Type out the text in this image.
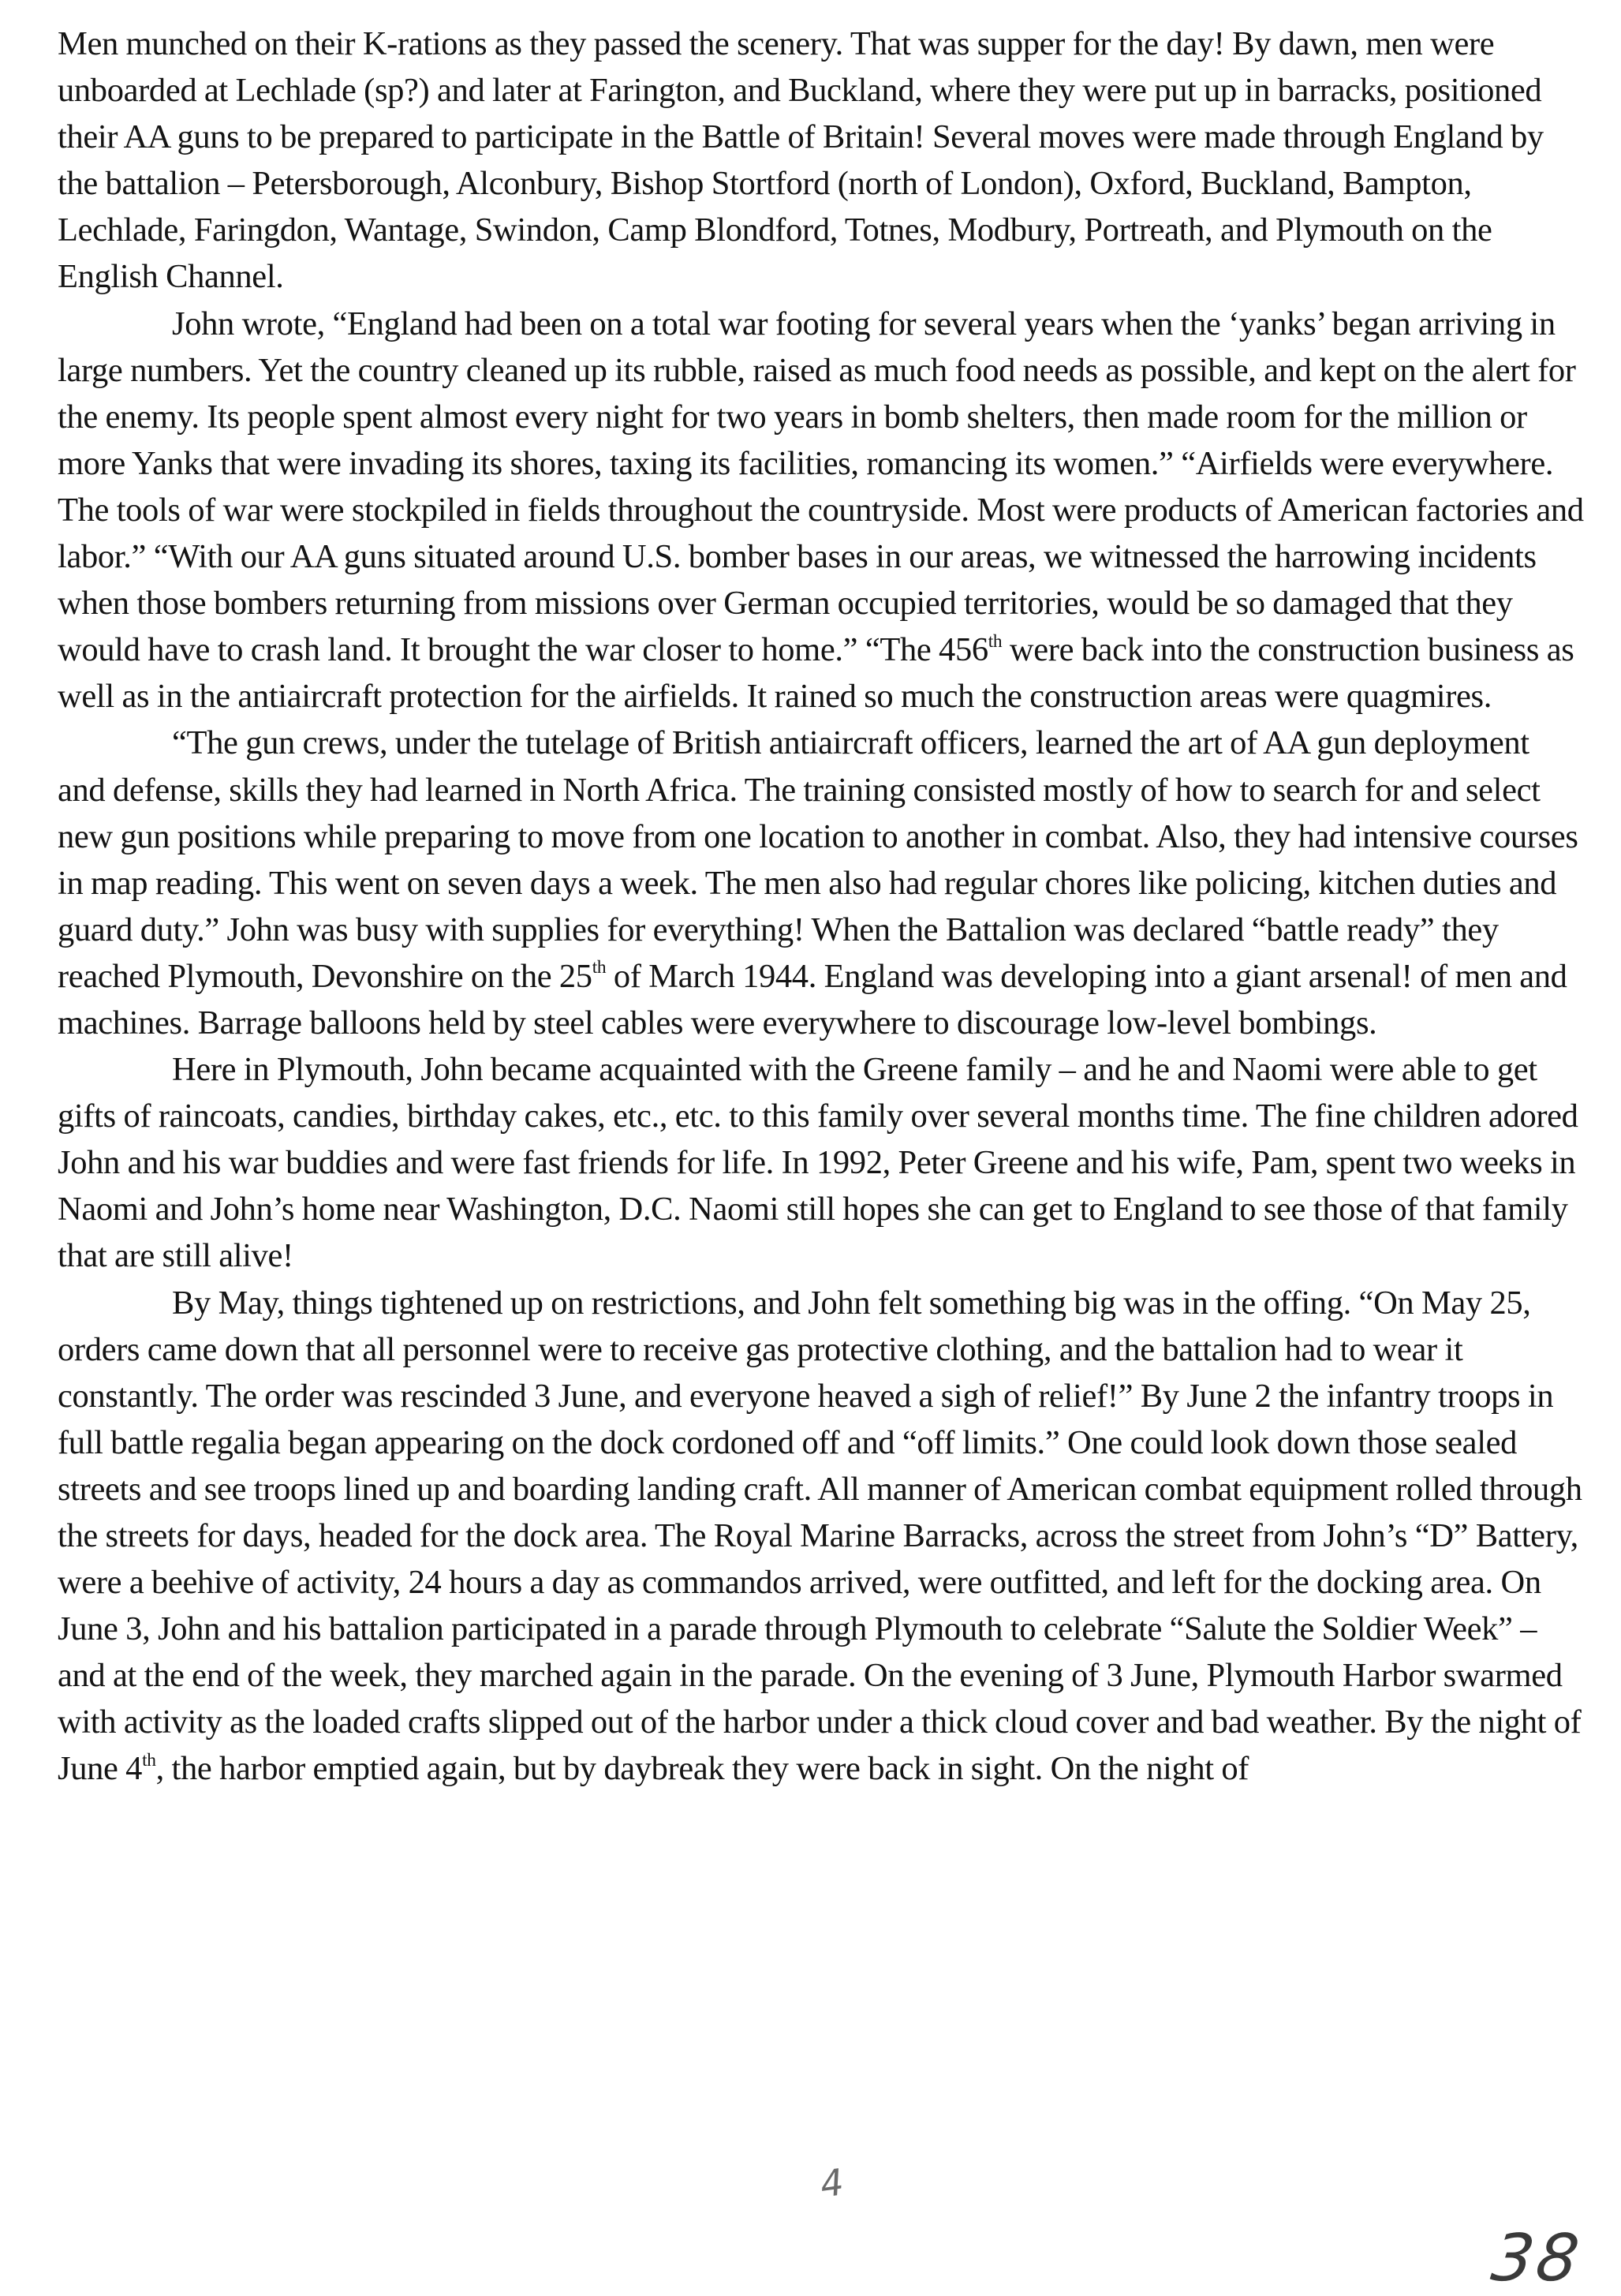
Men munched on their K-rations as they passed the scenery. That was supper for the day! By dawn, men were unboarded at Lechlade (sp?) and later at Farington, and Buckland, where they were put up in barracks, positioned their AA guns to be prepared to participate in the Battle of Britain! Several moves were made through England by the battalion – Petersborough, Alconbury, Bishop Stortford (north of London), Oxford, Buckland, Bampton, Lechlade, Faringdon, Wantage, Swindon, Camp Blondford, Totnes, Modbury, Portreath, and Plymouth on the English Channel.

John wrote, “England had been on a total war footing for several years when the ‘yanks’ began arriving in large numbers. Yet the country cleaned up its rubble, raised as much food needs as possible, and kept on the alert for the enemy. Its people spent almost every night for two years in bomb shelters, then made room for the million or more Yanks that were invading its shores, taxing its facilities, romancing its women.” “Airfields were everywhere. The tools of war were stockpiled in fields throughout the countryside. Most were products of American factories and labor.” “With our AA guns situated around U.S. bomber bases in our areas, we witnessed the harrowing incidents when those bombers returning from missions over German occupied territories, would be so damaged that they would have to crash land. It brought the war closer to home.” “The 456th were back into the construction business as well as in the antiaircraft protection for the airfields. It rained so much the construction areas were quagmires.

“The gun crews, under the tutelage of British antiaircraft officers, learned the art of AA gun deployment and defense, skills they had learned in North Africa. The training consisted mostly of how to search for and select new gun positions while preparing to move from one location to another in combat. Also, they had intensive courses in map reading. This went on seven days a week. The men also had regular chores like policing, kitchen duties and guard duty.” John was busy with supplies for everything! When the Battalion was declared “battle ready” they reached Plymouth, Devonshire on the 25th of March 1944. England was developing into a giant arsenal! of men and machines. Barrage balloons held by steel cables were everywhere to discourage low-level bombings.

Here in Plymouth, John became acquainted with the Greene family – and he and Naomi were able to get gifts of raincoats, candies, birthday cakes, etc., etc. to this family over several months time. The fine children adored John and his war buddies and were fast friends for life. In 1992, Peter Greene and his wife, Pam, spent two weeks in Naomi and John’s home near Washington, D.C. Naomi still hopes she can get to England to see those of that family that are still alive!

By May, things tightened up on restrictions, and John felt something big was in the offing. “On May 25, orders came down that all personnel were to receive gas protective clothing, and the battalion had to wear it constantly. The order was rescinded 3 June, and everyone heaved a sigh of relief!” By June 2 the infantry troops in full battle regalia began appearing on the dock cordoned off and “off limits.” One could look down those sealed streets and see troops lined up and boarding landing craft. All manner of American combat equipment rolled through the streets for days, headed for the dock area. The Royal Marine Barracks, across the street from John’s “D” Battery, were a beehive of activity, 24 hours a day as commandos arrived, were outfitted, and left for the docking area. On June 3, John and his battalion participated in a parade through Plymouth to celebrate “Salute the Soldier Week” – and at the end of the week, they marched again in the parade. On the evening of 3 June, Plymouth Harbor swarmed with activity as the loaded crafts slipped out of the harbor under a thick cloud cover and bad weather. By the night of June 4th, the harbor emptied again, but by daybreak they were back in sight. On the night of

4
38
